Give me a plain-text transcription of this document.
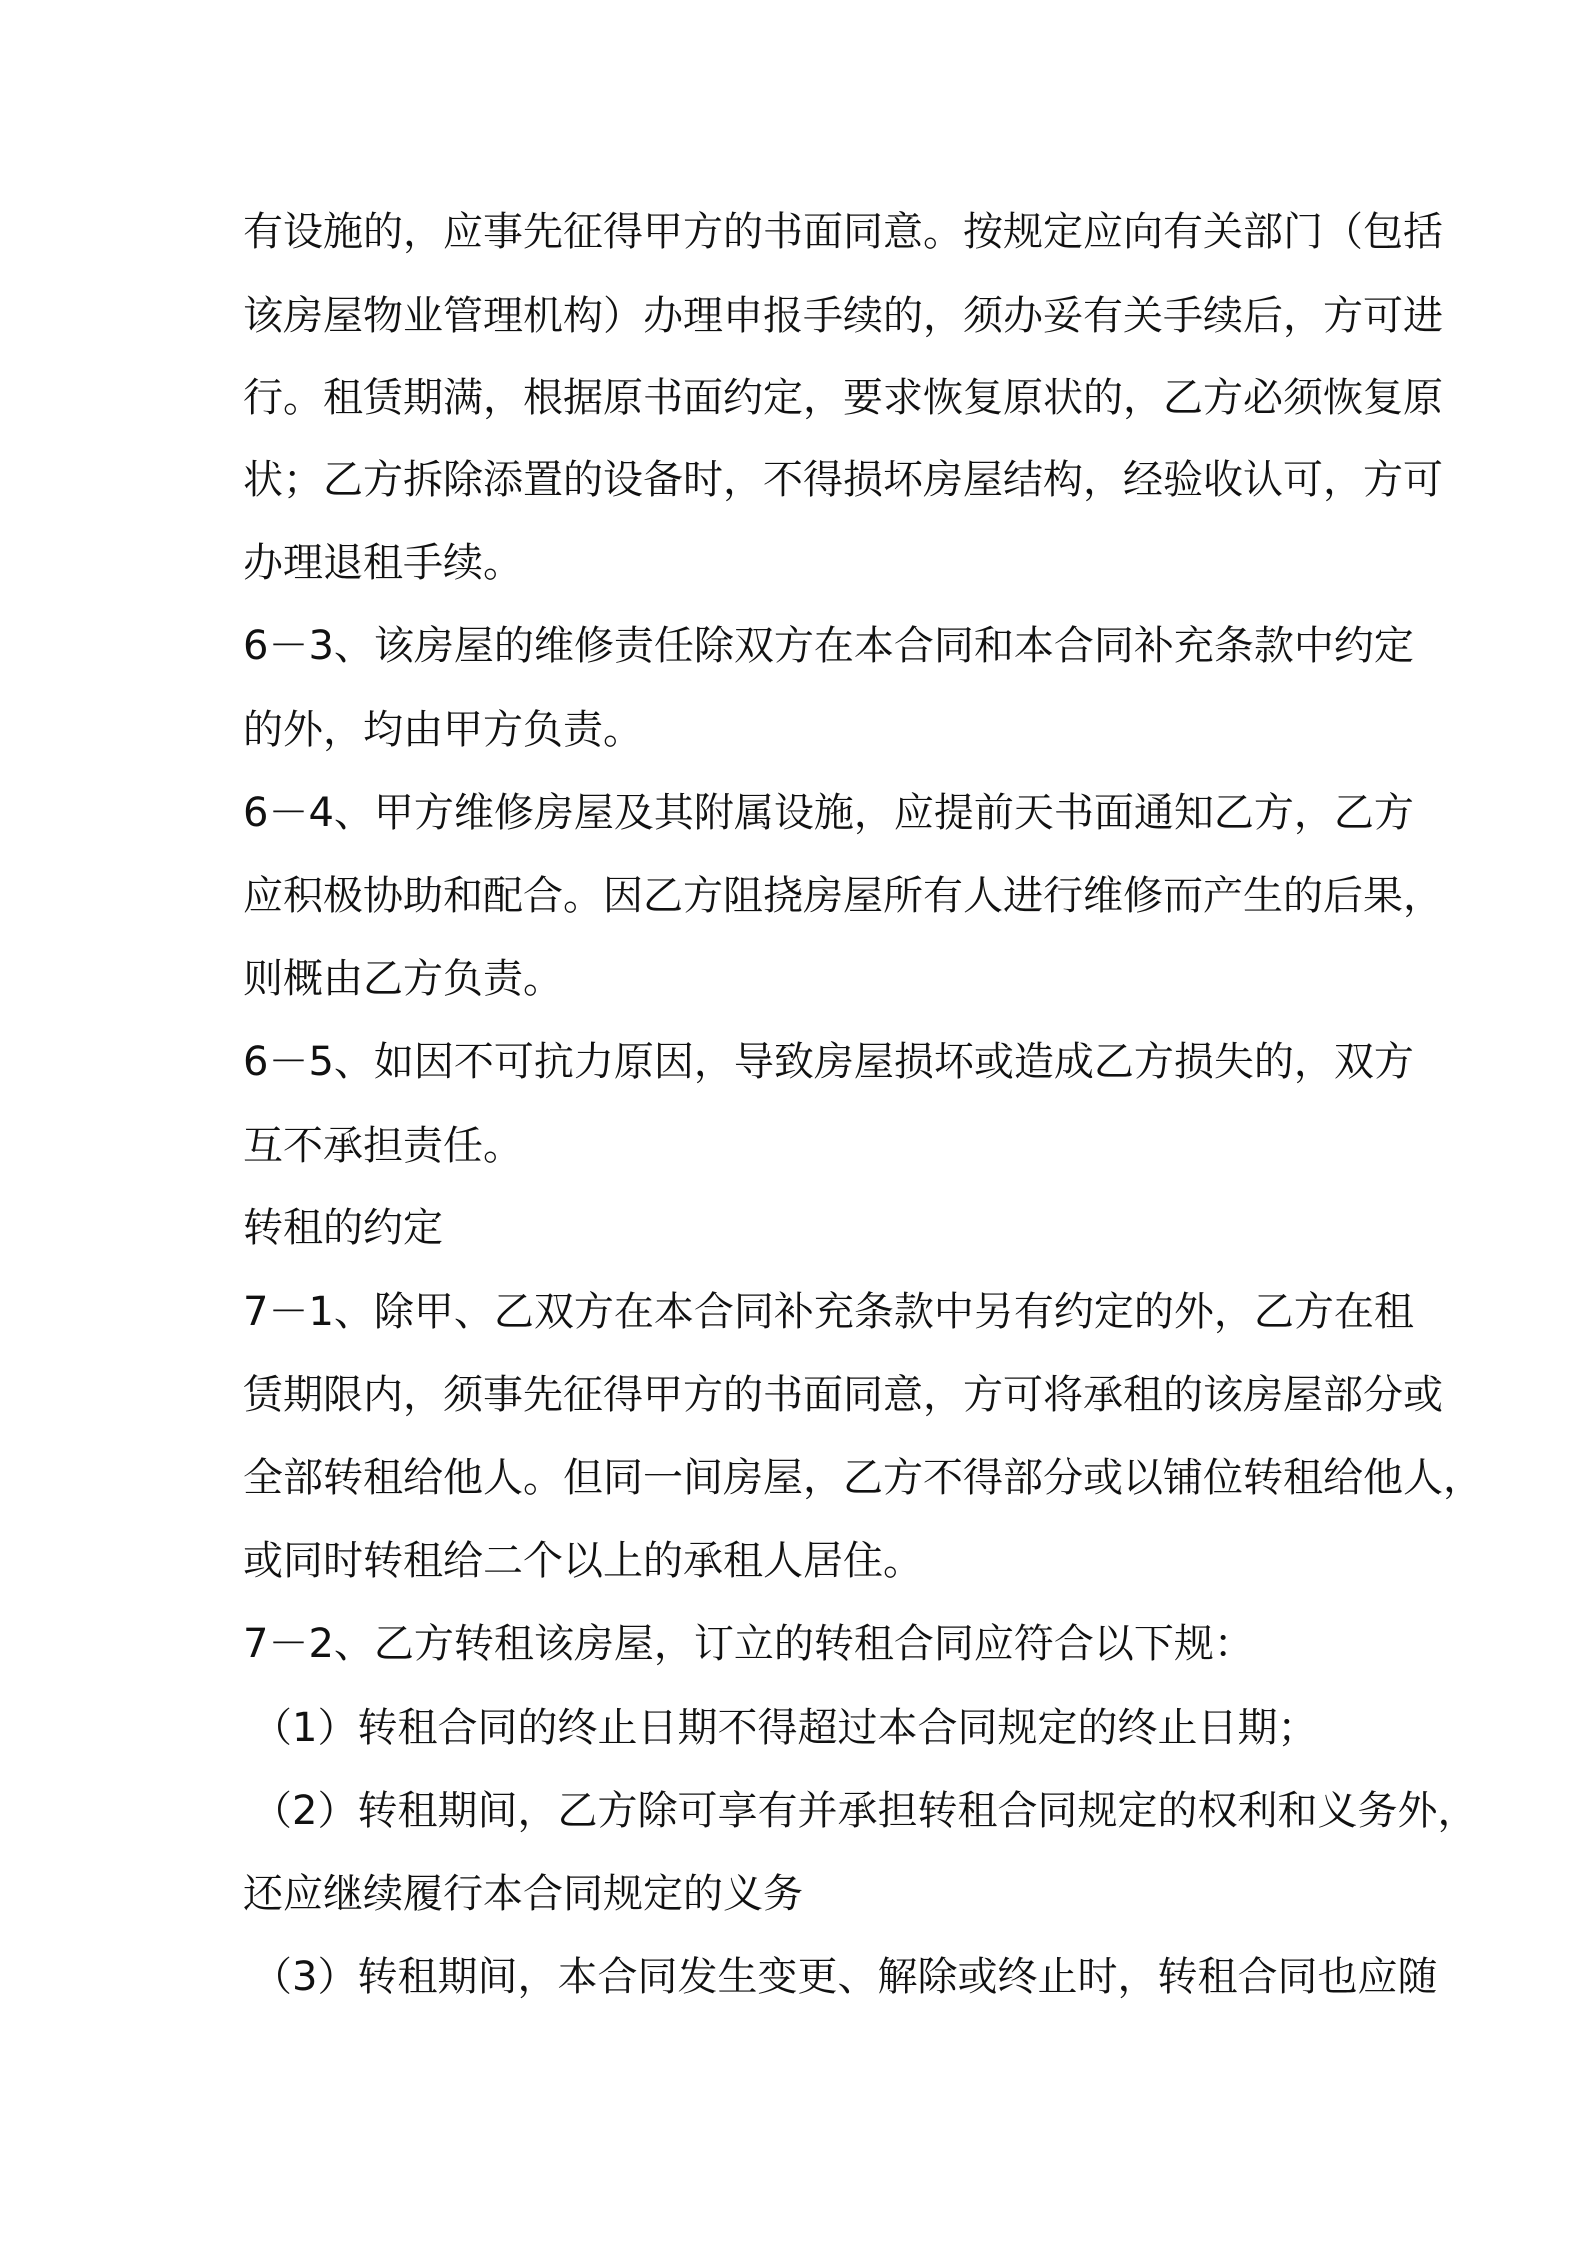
有设施的，应事先征得甲方的书面同意。按规定应向有关部门（包括
该房屋物业管理机构）办理申报手续的，须办妥有关手续后，方可进
行。租赁期满，根据原书面约定，要求恢复原状的，乙方必须恢复原
状；乙方拆除添置的设备时，不得损坏房屋结构，经验收认可，方可
办理退租手续。
6－3、该房屋的维修责任除双方在本合同和本合同补充条款中约定
的外，均由甲方负责。
6－4、甲方维修房屋及其附属设施，应提前天书面通知乙方，乙方
应积极协助和配合。因乙方阻挠房屋所有人进行维修而产生的后果，
则概由乙方负责。
6－5、如因不可抗力原因，导致房屋损坏或造成乙方损失的，双方
互不承担责任。
转租的约定
7－1、除甲、乙双方在本合同补充条款中另有约定的外，乙方在租
赁期限内，须事先征得甲方的书面同意，方可将承租的该房屋部分或
全部转租给他人。但同一间房屋，乙方不得部分或以铺位转租给他人，
或同时转租给二个以上的承租人居住。
7－2、乙方转租该房屋，订立的转租合同应符合以下规：
（1）转租合同的终止日期不得超过本合同规定的终止日期；
（2）转租期间，乙方除可享有并承担转租合同规定的权利和义务外，
还应继续履行本合同规定的义务
（3）转租期间，本合同发生变更、解除或终止时，转租合同也应随
